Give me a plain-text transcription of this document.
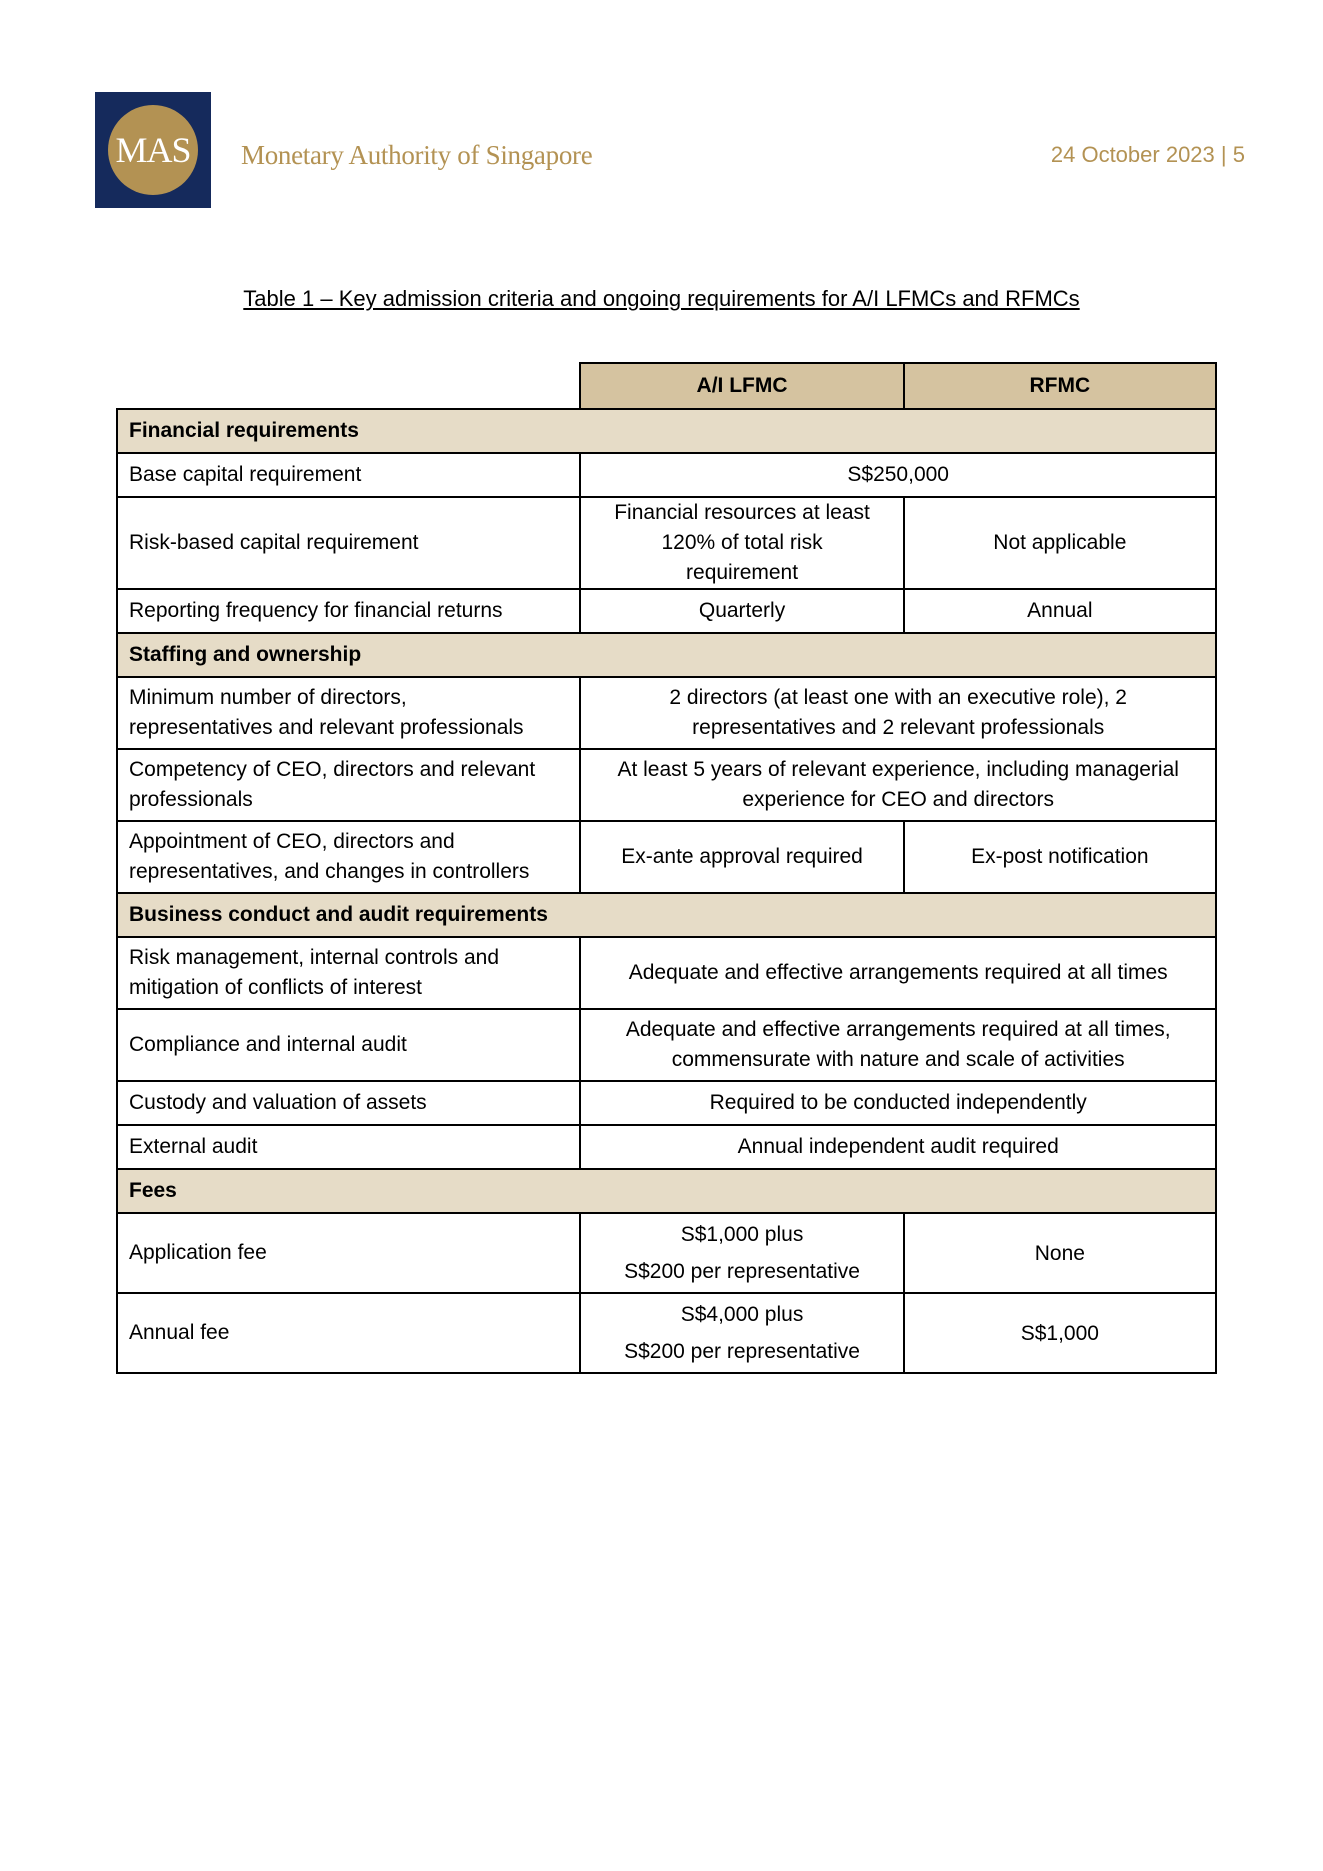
MAS Monetary Authority of Singapore	24 October 2023 | 5
Table 1 – Key admission criteria and ongoing requirements for A/I LFMCs and RFMCs
	A/I LFMC	RFMC
Financial requirements		
Base capital requirement	S$250,000	
Risk-based capital requirement	Financial resources at least
120% of total risk
requirement	Not applicable
Reporting frequency for financial returns	Quarterly	Annual
Staffing and ownership		

Minimum number of directors,
representatives and relevant professionals	2 directors (at least one with an executive role), 2
representatives and 2 relevant professionals	

Competency of CEO, directors and relevant
professionals	At least 5 years of relevant experience, including managerial
experience for CEO and directors	

Appointment of CEO, directors and
representatives, and changes in controllers	Ex-ante approval required	Ex-post notification
Business conduct and audit requirements		

Risk management, internal controls and
mitigation of conflicts of interest	Adequate and effective arrangements required at all times	
Compliance and internal audit	Adequate and effective arrangements required at all times,
commensurate with nature and scale of activities	

Custody and valuation of assets	Required to be conducted independently	
External audit	Annual independent audit required	
Fees		
Application fee	S$1,000 plus
S$200 per representative	None
Annual fee	S$4,000 plus
S$200 per representative	S$1,000
